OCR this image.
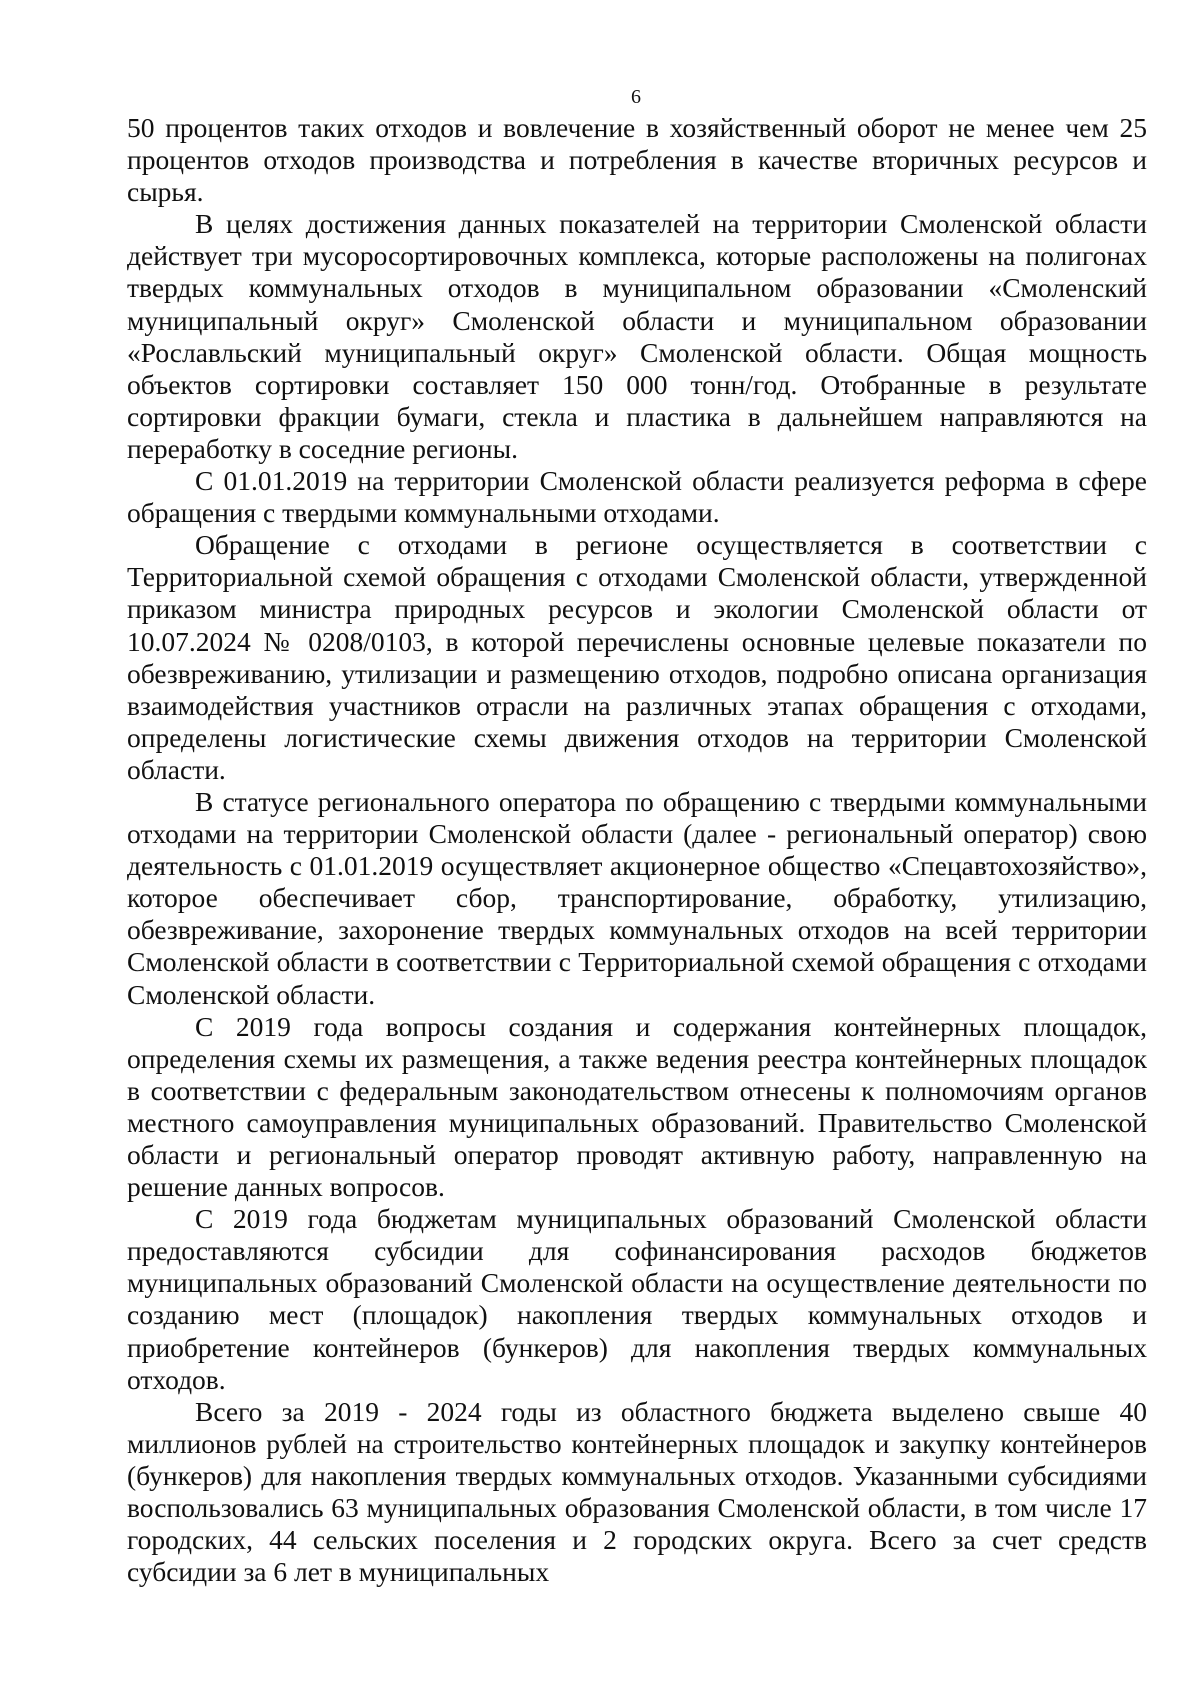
6

50 процентов таких отходов и вовлечение в хозяйственный оборот не менее чем 25 процентов отходов производства и потребления в качестве вторичных ресурсов и сырья.

В целях достижения данных показателей на территории Смоленской области действует три мусоросортировочных комплекса, которые расположены на полигонах твердых коммунальных отходов в муниципальном образовании «Смоленский муниципальный округ» Смоленской области и муниципальном образовании «Рославльский муниципальный округ» Смоленской области. Общая мощность объектов сортировки составляет 150 000 тонн/год. Отобранные в результате сортировки фракции бумаги, стекла и пластика в дальнейшем направляются на переработку в соседние регионы.

С 01.01.2019 на территории Смоленской области реализуется реформа в сфере обращения с твердыми коммунальными отходами.

Обращение с отходами в регионе осуществляется в соответствии с Территориальной схемой обращения с отходами Смоленской области, утвержденной приказом министра природных ресурсов и экологии Смоленской области от 10.07.2024 № 0208/0103, в которой перечислены основные целевые показатели по обезвреживанию, утилизации и размещению отходов, подробно описана организация взаимодействия участников отрасли на различных этапах обращения с отходами, определены логистические схемы движения отходов на территории Смоленской области.

В статусе регионального оператора по обращению с твердыми коммунальными отходами на территории Смоленской области (далее - региональный оператор) свою деятельность с 01.01.2019 осуществляет акционерное общество «Спецавтохозяйство», которое обеспечивает сбор, транспортирование, обработку, утилизацию, обезвреживание, захоронение твердых коммунальных отходов на всей территории Смоленской области в соответствии с Территориальной схемой обращения с отходами Смоленской области.

С 2019 года вопросы создания и содержания контейнерных площадок, определения схемы их размещения, а также ведения реестра контейнерных площадок в соответствии с федеральным законодательством отнесены к полномочиям органов местного самоуправления муниципальных образований. Правительство Смоленской области и региональный оператор проводят активную работу, направленную на решение данных вопросов.

С 2019 года бюджетам муниципальных образований Смоленской области предоставляются субсидии для софинансирования расходов бюджетов муниципальных образований Смоленской области на осуществление деятельности по созданию мест (площадок) накопления твердых коммунальных отходов и приобретение контейнеров (бункеров) для накопления твердых коммунальных отходов.

Всего за 2019 - 2024 годы из областного бюджета выделено свыше 40 миллионов рублей на строительство контейнерных площадок и закупку контейнеров (бункеров) для накопления твердых коммунальных отходов. Указанными субсидиями воспользовались 63 муниципальных образования Смоленской области, в том числе 17 городских, 44 сельских поселения и 2 городских округа. Всего за счет средств субсидии за 6 лет в муниципальных
